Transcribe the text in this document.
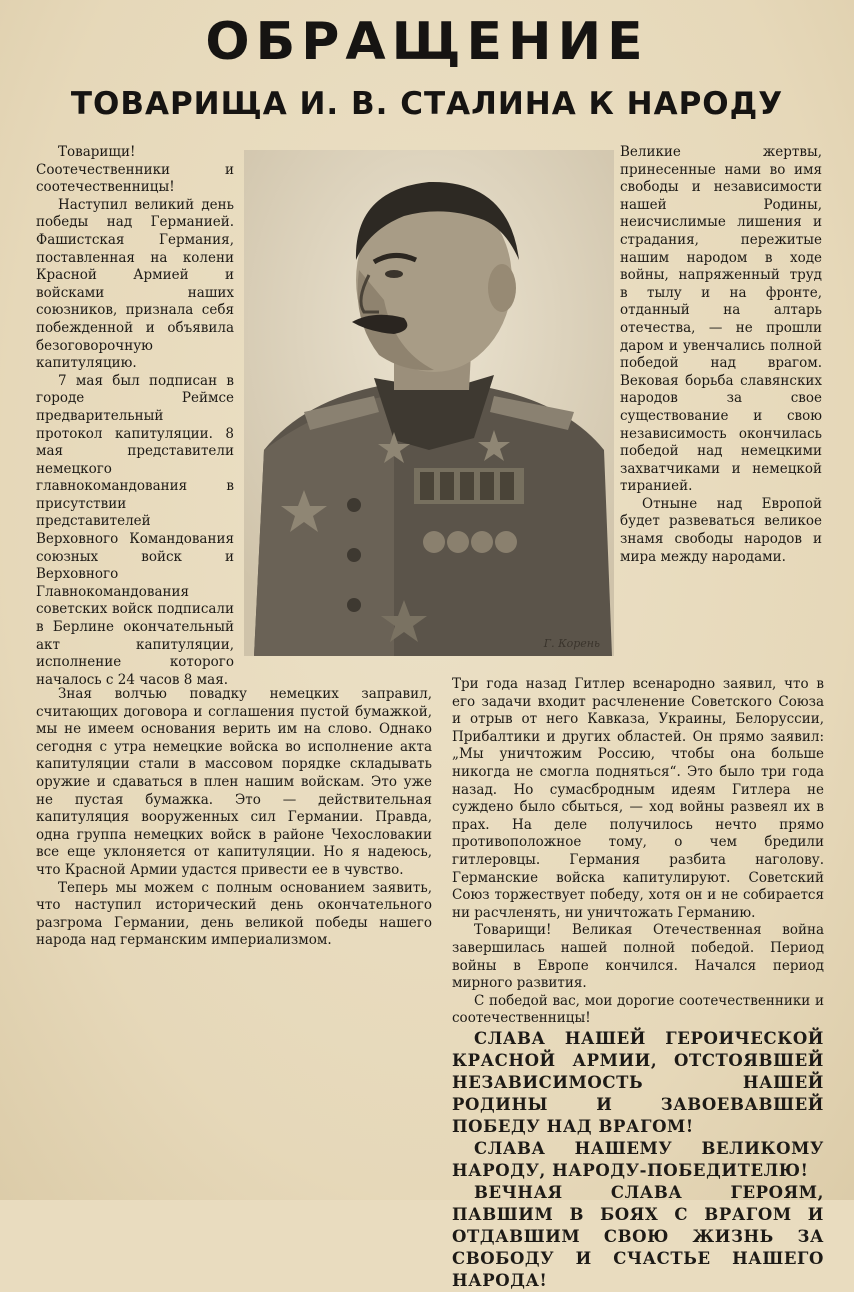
ОБРАЩЕНИЕ
ТОВАРИЩА И. В. СТАЛИНА К НАРОДУ

Товарищи! Соотечественники и соотечественницы!

Наступил великий день победы над Германией. Фашистская Германия, поставленная на колени Красной Армией и войсками наших союзников, признала себя побежденной и объявила безоговорочную капитуляцию.

7 мая был подписан в городе Реймсе предварительный протокол капитуляции. 8 мая представители немецкого главнокомандования в присутствии представителей Верховного Командования союзных войск и Верховного Главнокомандования советских войск подписали в Берлине окончательный акт капитуляции, исполнение которого началось с 24 часов 8 мая.

Г. Корень

Великие жертвы, принесенные нами во имя свободы и независимости нашей Родины, неисчислимые лишения и страдания, пережитые нашим народом в ходе войны, напряженный труд в тылу и на фронте, отданный на алтарь отечества, — не прошли даром и увенчались полной победой над врагом. Вековая борьба славянских народов за свое существование и свою независимость окончилась победой над немецкими захватчиками и немецкой тиранией.

Отныне над Европой будет развеваться великое знамя свободы народов и мира между народами.

Зная волчью повадку немецких заправил, считающих договора и соглашения пустой бумажкой, мы не имеем основания верить им на слово. Однако сегодня с утра немецкие войска во исполнение акта капитуляции стали в массовом порядке складывать оружие и сдаваться в плен нашим войскам. Это уже не пустая бумажка. Это — действительная капитуляция вооруженных сил Германии. Правда, одна группа немецких войск в районе Чехословакии все еще уклоняется от капитуляции. Но я надеюсь, что Красной Армии удастся привести ее в чувство.

Теперь мы можем с полным основанием заявить, что наступил исторический день окончательного разгрома Германии, день великой победы нашего народа над германским империализмом.

Три года назад Гитлер всенародно заявил, что в его задачи входит расчленение Советского Союза и отрыв от него Кавказа, Украины, Белоруссии, Прибалтики и других областей. Он прямо заявил: „Мы уничтожим Россию, чтобы она больше никогда не смогла подняться“. Это было три года назад. Но сумасбродным идеям Гитлера не суждено было сбыться, — ход войны развеял их в прах. На деле получилось нечто прямо противоположное тому, о чем бредили гитлеровцы. Германия разбита наголову. Германские войска капитулируют. Советский Союз торжествует победу, хотя он и не собирается ни расчленять, ни уничтожать Германию.

Товарищи! Великая Отечественная война завершилась нашей полной победой. Период войны в Европе кончился. Начался период мирного развития.

С победой вас, мои дорогие соотечественники и соотечественницы!

СЛАВА НАШЕЙ ГЕРОИЧЕСКОЙ КРАСНОЙ АРМИИ, ОТСТОЯВШЕЙ НЕЗАВИСИМОСТЬ НАШЕЙ РОДИНЫ И ЗАВОЕВАВШЕЙ ПОБЕДУ НАД ВРАГОМ!

СЛАВА НАШЕМУ ВЕЛИКОМУ НАРОДУ, НАРОДУ-ПОБЕДИТЕЛЮ!

ВЕЧНАЯ СЛАВА ГЕРОЯМ, ПАВШИМ В БОЯХ С ВРАГОМ И ОТДАВШИМ СВОЮ ЖИЗНЬ ЗА СВОБОДУ И СЧАСТЬЕ НАШЕГО НАРОДА!
